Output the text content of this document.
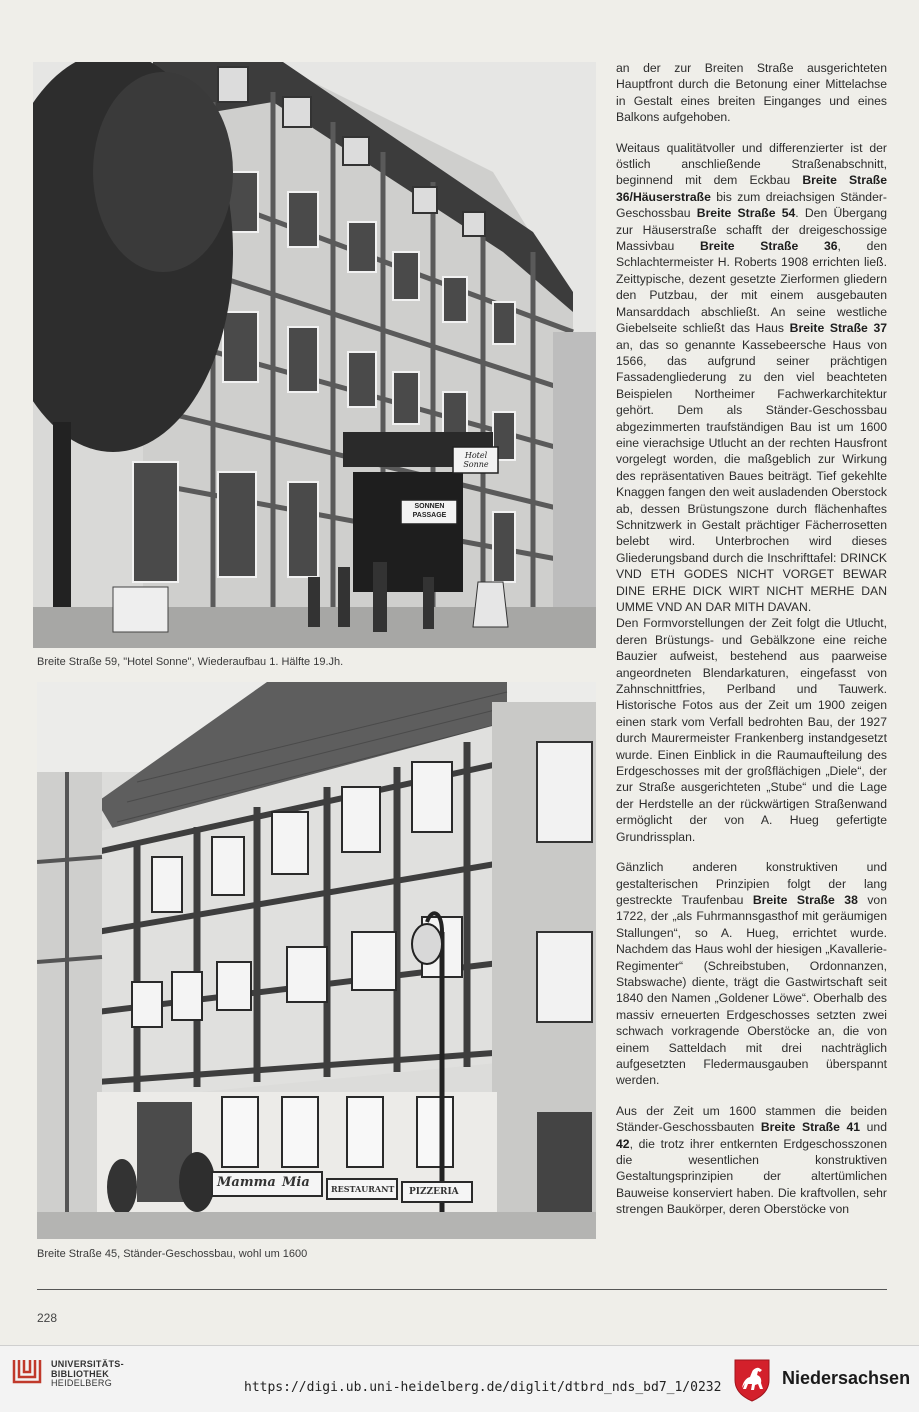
Hotel Sonne
SONNEN PASSAGE
Breite Straße 59, "Hotel Sonne", Wiederaufbau 1. Hälfte 19.Jh.
Mamma Mia	RESTAURANT PIZZERIA
Breite Straße 45, Ständer-Geschossbau, wohl um 1600

an der zur Breiten Straße ausgerichteten Hauptfront durch die Betonung einer Mittelachse in Gestalt eines breiten Einganges und eines Balkons aufgehoben.

Weitaus qualitätvoller und differenzierter ist der östlich anschließende Straßenabschnitt, beginnend mit dem Eckbau Breite Straße 36/Häuserstraße bis zum dreiachsigen Ständer-Geschossbau Breite Straße 54. Den Übergang zur Häuserstraße schafft der dreigeschossige Massivbau Breite Straße 36, den Schlachtermeister H. Roberts 1908 errichten ließ. Zeittypische, dezent gesetzte Zierformen gliedern den Putzbau, der mit einem ausgebauten Mansarddach abschließt. An seine westliche Giebelseite schließt das Haus Breite Straße 37 an, das so genannte Kassebeersche Haus von 1566, das aufgrund seiner prächtigen Fassadengliederung zu den viel beachteten Beispielen Northeimer Fachwerkarchitektur gehört. Dem als Ständer-Geschossbau abgezimmerten traufständigen Bau ist um 1600 eine vierachsige Utlucht an der rechten Hausfront vorgelegt worden, die maßgeblich zur Wirkung des repräsentativen Baues beiträgt. Tief gekehlte Knaggen fangen den weit ausladenden Oberstock ab, dessen Brüstungszone durch flächenhaftes Schnitzwerk in Gestalt prächtiger Fächerrosetten belebt wird. Unterbrochen wird dieses Gliederungsband durch die Inschrifttafel: DRINCK VND ETH GODES NICHT VORGET BEWAR DINE ERHE DICK WIRT NICHT MERHE DAN UMME VND AN DAR MITH DAVAN.

Den Formvorstellungen der Zeit folgt die Utlucht, deren Brüstungs- und Gebälkzone eine reiche Bauzier aufweist, bestehend aus paarweise angeordneten Blendarkaturen, eingefasst von Zahnschnittfries, Perlband und Tauwerk. Historische Fotos aus der Zeit um 1900 zeigen einen stark vom Verfall bedrohten Bau, der 1927 durch Maurermeister Frankenberg instandgesetzt wurde. Einen Einblick in die Raumaufteilung des Erdgeschosses mit der großflächigen „Diele“, der zur Straße ausgerichteten „Stube“ und die Lage der Herdstelle an der rückwärtigen Straßenwand ermöglicht der von A. Hueg gefertigte Grundrissplan.

Gänzlich anderen konstruktiven und gestalterischen Prinzipien folgt der lang gestreckte Traufenbau Breite Straße 38 von 1722, der „als Fuhrmannsgasthof mit geräumigen Stallungen“, so A. Hueg, errichtet wurde. Nachdem das Haus wohl der hiesigen „Kavallerie-Regimenter“ (Schreibstuben, Ordonnanzen, Stabswache) diente, trägt die Gastwirtschaft seit 1840 den Namen „Goldener Löwe“. Oberhalb des massiv erneuerten Erdgeschosses setzten zwei schwach vorkragende Oberstöcke an, die von einem Satteldach mit drei nachträglich aufgesetzten Fledermausgauben überspannt werden.

Aus der Zeit um 1600 stammen die beiden Ständer-Geschossbauten Breite Straße 41 und 42, die trotz ihrer entkernten Erdgeschosszonen die wesentlichen konstruktiven Gestaltungsprinzipien der altertümlichen Bauweise konserviert haben. Die kraftvollen, sehr strengen Baukörper, deren Oberstöcke von

228
UNIVERSITÄTS-
BIBLIOTHEK
HEIDELBERG	https://digi.ub.uni-heidelberg.de/diglit/dtbrd_nds_bd7_1/0232	Niedersachsen
